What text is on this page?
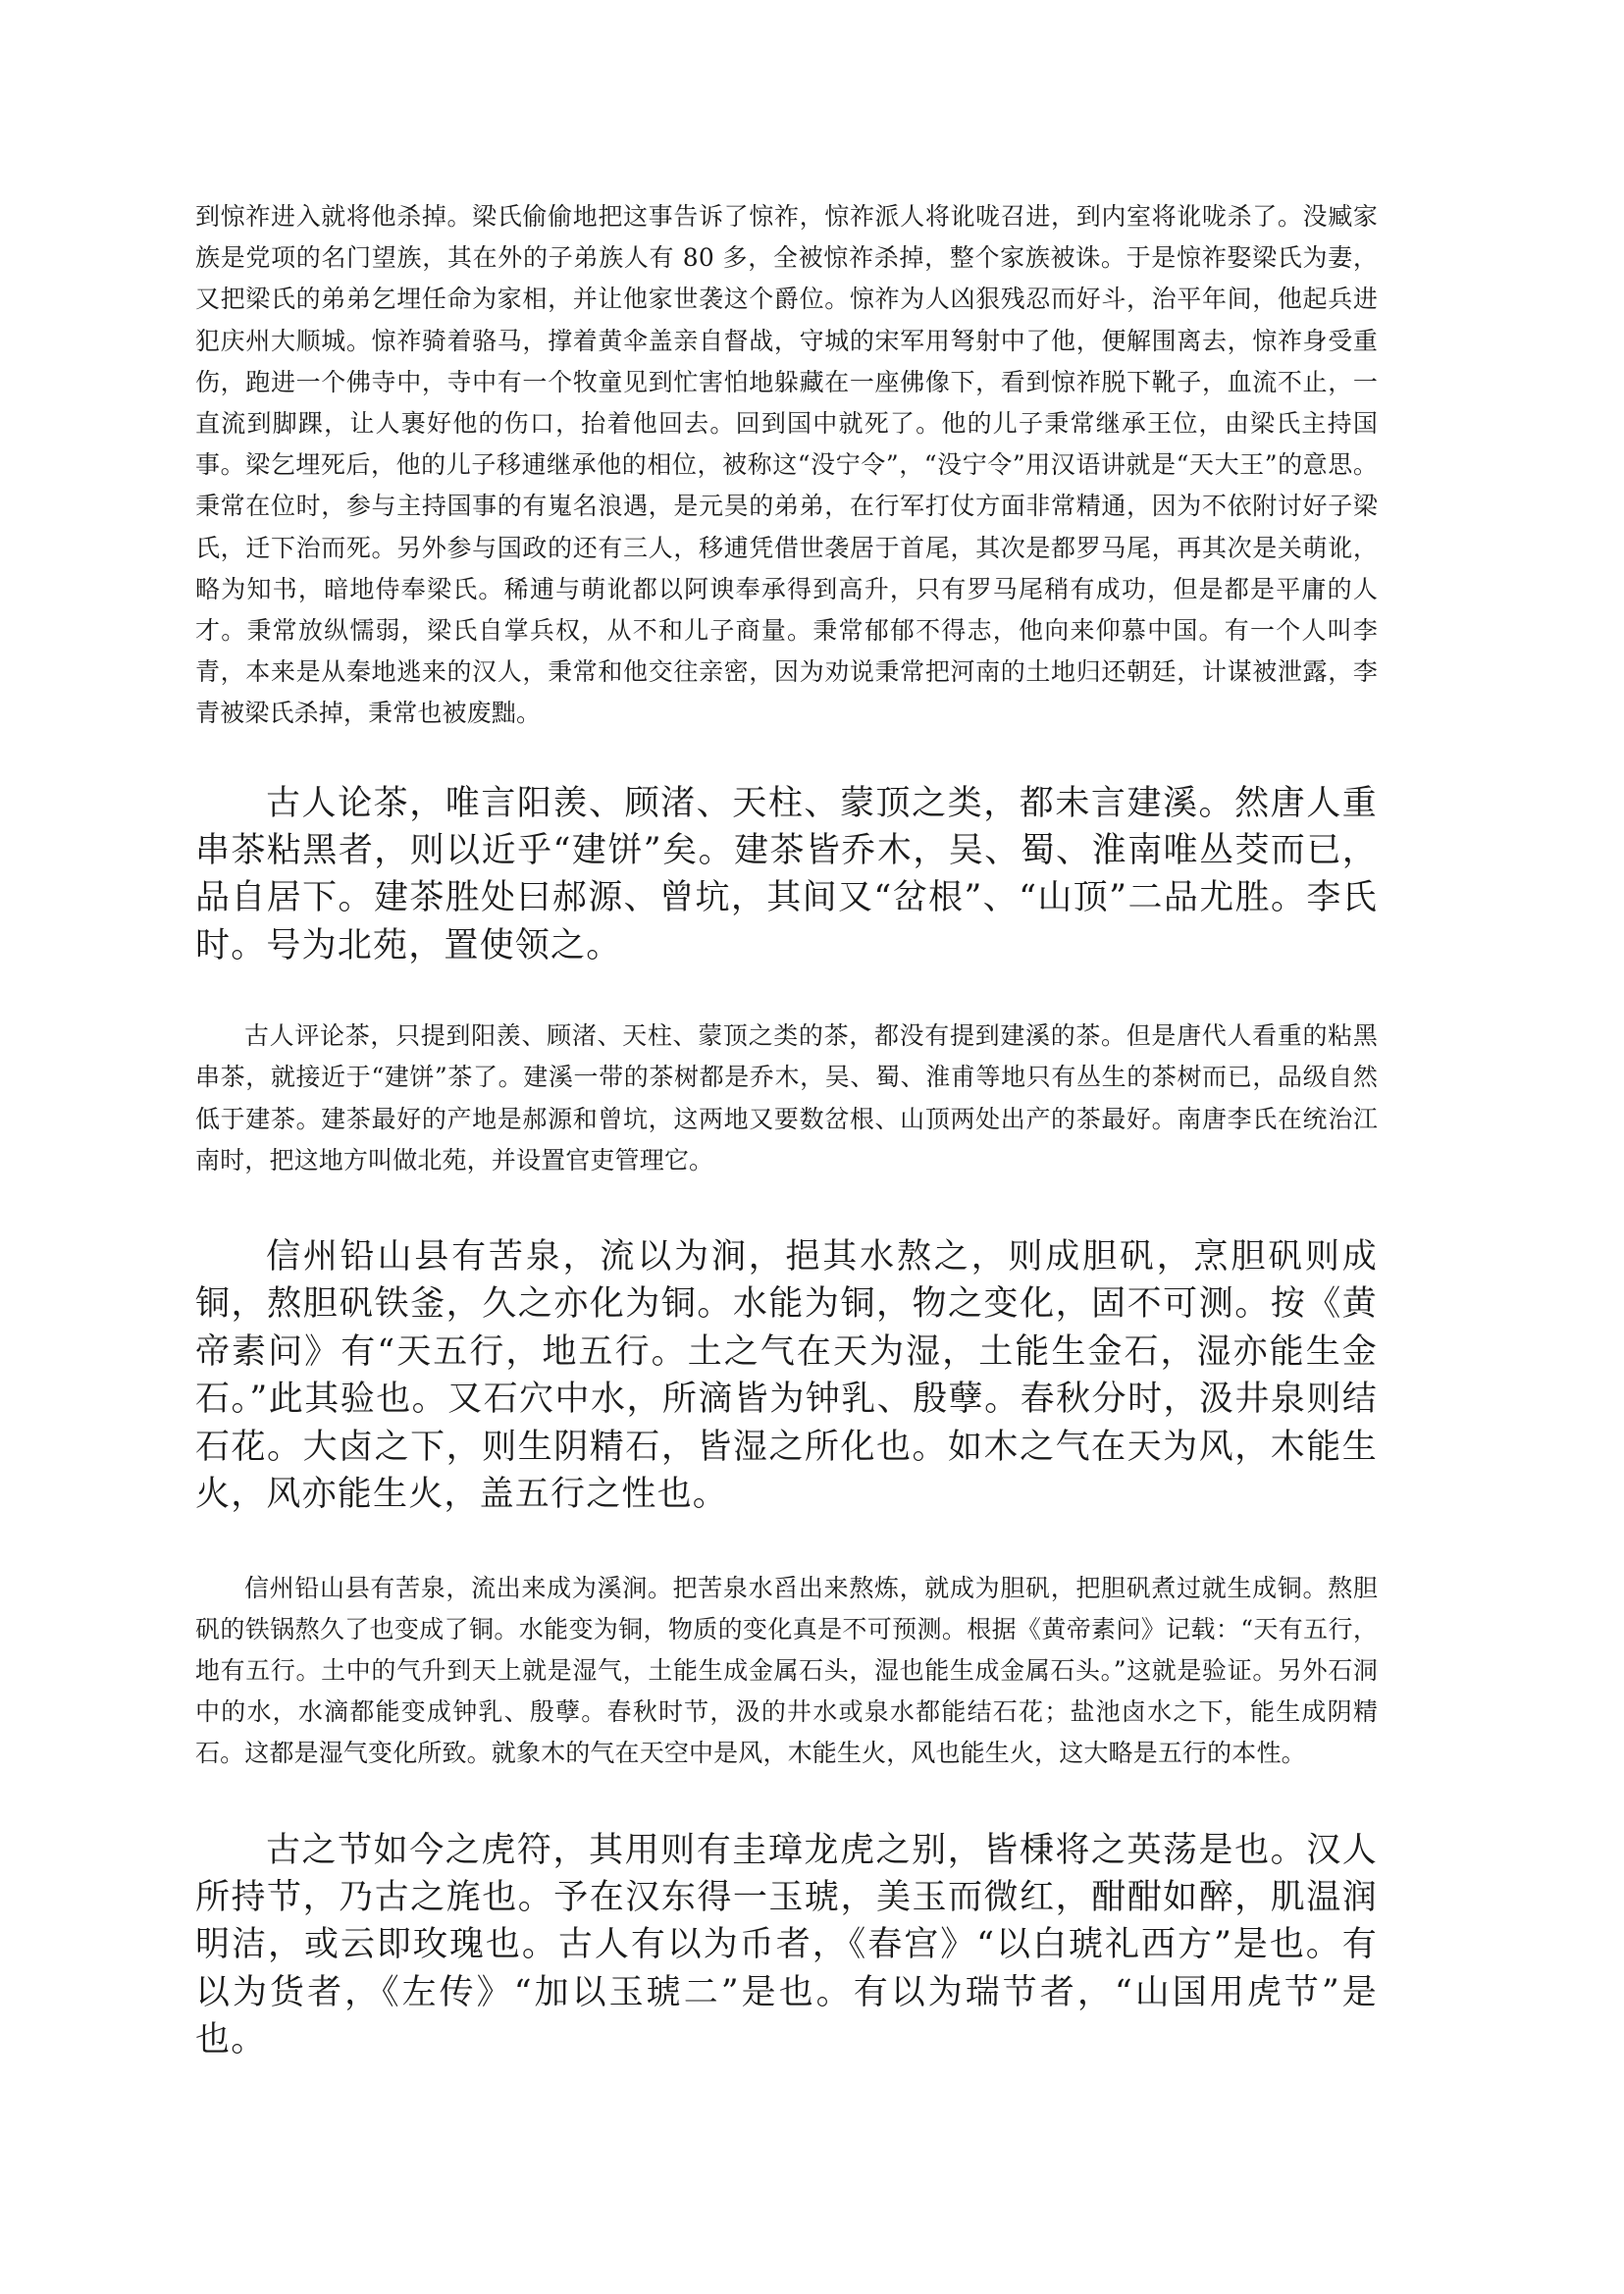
到惊祚进入就将他杀掉。梁氏偷偷地把这事告诉了惊祚，惊祚派人将讹咙召进，到内室将讹咙杀了。没臧家族是党项的名门望族，其在外的子弟族人有 80 多，全被惊祚杀掉，整个家族被诛。于是惊祚娶梁氏为妻，又把梁氏的弟弟乞埋任命为家相，并让他家世袭这个爵位。惊祚为人凶狠残忍而好斗，治平年间，他起兵进犯庆州大顺城。惊祚骑着骆马，撑着黄伞盖亲自督战，守城的宋军用弩射中了他，便解围离去，惊祚身受重伤，跑进一个佛寺中，寺中有一个牧童见到忙害怕地躲藏在一座佛像下，看到惊祚脱下靴子，血流不止，一直流到脚踝，让人裹好他的伤口，抬着他回去。回到国中就死了。他的儿子秉常继承王位，由梁氏主持国事。梁乞埋死后，他的儿子移逋继承他的相位，被称这“没宁令”，“没宁令”用汉语讲就是“天大王”的意思。秉常在位时，参与主持国事的有嵬名浪遇，是元昊的弟弟，在行军打仗方面非常精通，因为不依附讨好子梁氏，迁下治而死。另外参与国政的还有三人，移逋凭借世袭居于首尾，其次是都罗马尾，再其次是关萌讹，略为知书，暗地侍奉梁氏。稀逋与萌讹都以阿谀奉承得到高升，只有罗马尾稍有成功，但是都是平庸的人才。秉常放纵懦弱，梁氏自掌兵权，从不和儿子商量。秉常郁郁不得志，他向来仰慕中国。有一个人叫李青，本来是从秦地逃来的汉人，秉常和他交往亲密，因为劝说秉常把河南的土地归还朝廷，计谋被泄露，李青被梁氏杀掉，秉常也被废黜。

古人论茶，唯言阳羡、顾渚、天柱、蒙顶之类，都未言建溪。然唐人重串茶粘黑者，则以近乎“建饼”矣。建茶皆乔木，吴、蜀、淮南唯丛茭而已，品自居下。建茶胜处曰郝源、曾坑，其间又“岔根”、“山顶”二品尤胜。李氏时。号为北苑，置使领之。

古人评论茶，只提到阳羡、顾渚、天柱、蒙顶之类的茶，都没有提到建溪的茶。但是唐代人看重的粘黑串茶，就接近于“建饼”茶了。建溪一带的茶树都是乔木，吴、蜀、淮甫等地只有丛生的茶树而已，品级自然低于建茶。建茶最好的产地是郝源和曾坑，这两地又要数岔根、山顶两处出产的茶最好。南唐李氏在统治江南时，把这地方叫做北苑，并设置官吏管理它。

信州铅山县有苦泉，流以为涧，挹其水熬之，则成胆矾，烹胆矾则成铜，熬胆矾铁釜，久之亦化为铜。水能为铜，物之变化，固不可测。按《黄帝素问》有“天五行，地五行。土之气在天为湿，土能生金石，湿亦能生金石。”此其验也。又石穴中水，所滴皆为钟乳、殷孽。春秋分时，汲井泉则结石花。大卤之下，则生阴精石，皆湿之所化也。如木之气在天为风，木能生火，风亦能生火，盖五行之性也。

信州铅山县有苦泉，流出来成为溪涧。把苦泉水舀出来熬炼，就成为胆矾，把胆矾煮过就生成铜。熬胆矾的铁锅熬久了也变成了铜。水能变为铜，物质的变化真是不可预测。根据《黄帝素问》记载：“天有五行，地有五行。土中的气升到天上就是湿气，土能生成金属石头，湿也能生成金属石头。”这就是验证。另外石洞中的水，水滴都能变成钟乳、殷孽。春秋时节，汲的井水或泉水都能结石花；盐池卤水之下，能生成阴精石。这都是湿气变化所致。就象木的气在天空中是风，木能生火，风也能生火，这大略是五行的本性。

古之节如今之虎符，其用则有圭璋龙虎之别，皆棅将之英荡是也。汉人所持节，乃古之旄也。予在汉东得一玉琥，美玉而微红，酣酣如醉，肌温润明洁，或云即玫瑰也。古人有以为币者，《春宫》“以白琥礼西方”是也。有以为货者，《左传》“加以玉琥二”是也。有以为瑞节者，“山国用虎节”是也。
